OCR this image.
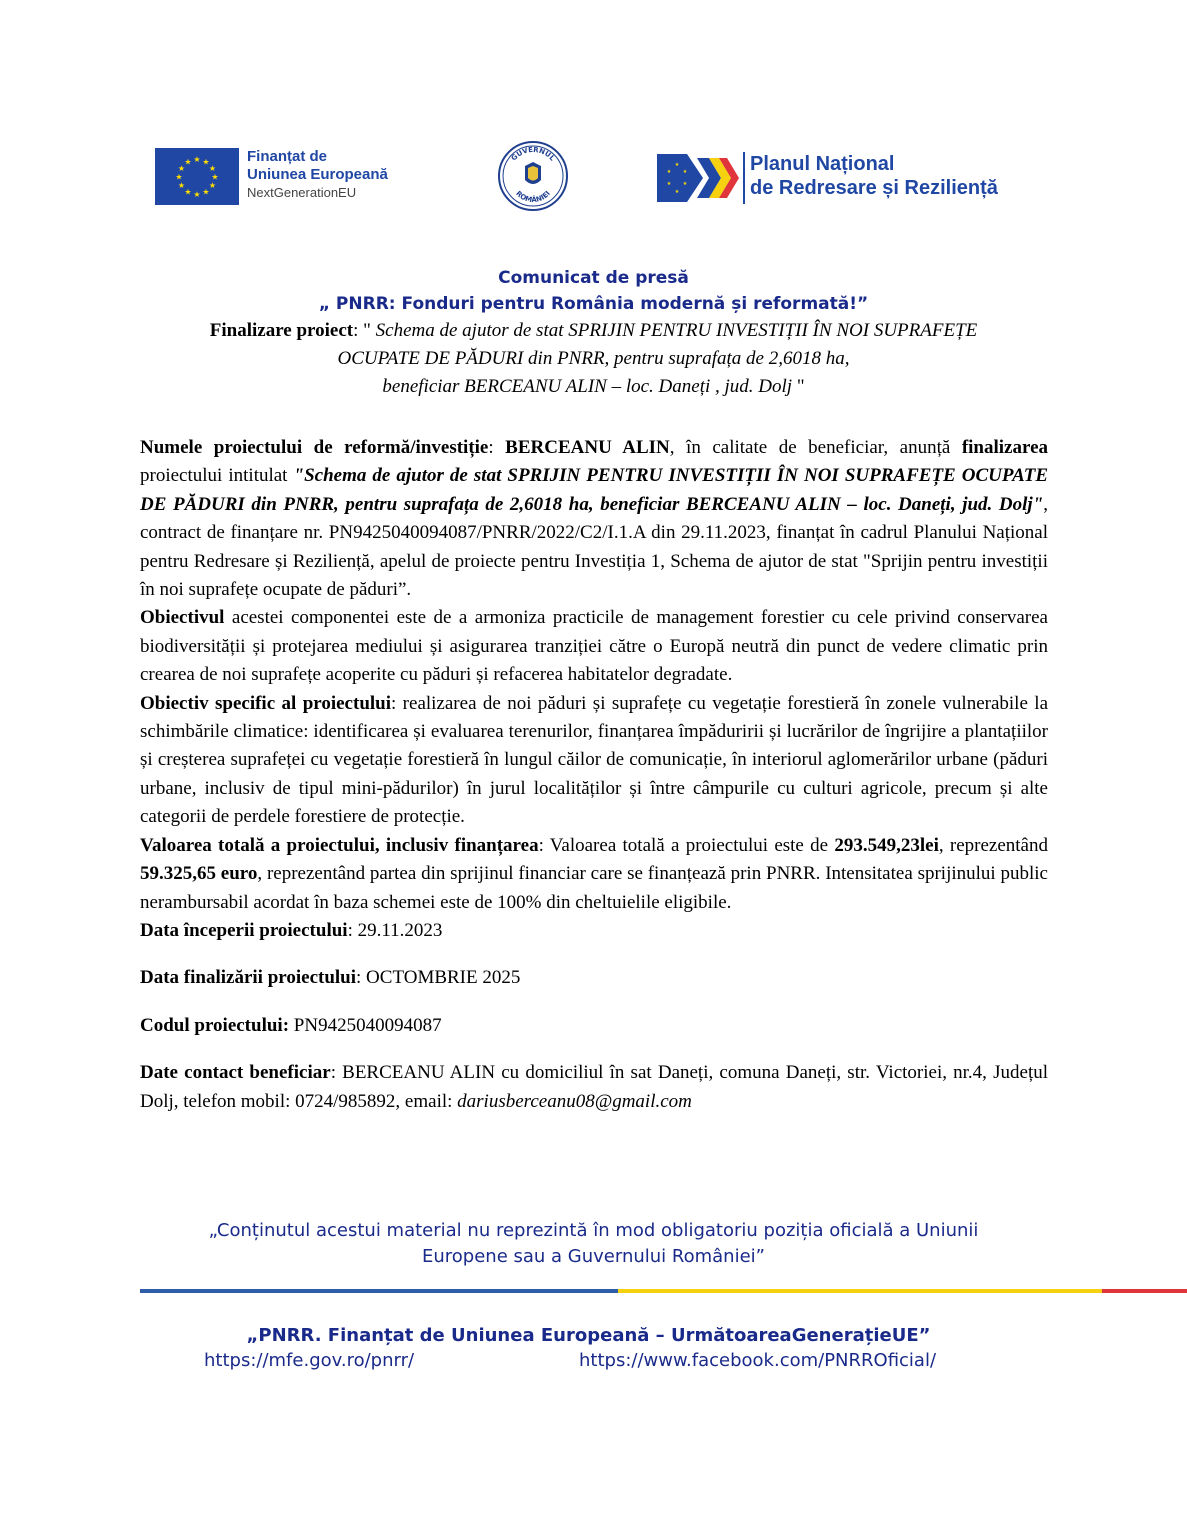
★ ★
★
★
★
★
★
★
★
★
★
★	Finanțat de
Uniunea Europeană
NextGenerationEU
GUVERNUL
ROMÂNIEI
★
★
★
★
★
★	Planul Național
de Redresare și Reziliență
Comunicat de presă
„ PNRR: Fonduri pentru România modernă și reformată!”
Finalizare proiect: " Schema de ajutor de stat SPRIJIN PENTRU INVESTIȚII ÎN NOI SUPRAFEȚE
OCUPATE DE PĂDURI din PNRR, pentru suprafața de 2,6018 ha,
beneficiar BERCEANU ALIN – loc. Daneți , jud. Dolj "

Numele proiectului de reformă/investiție: BERCEANU ALIN, în calitate de beneficiar, anunță finalizarea proiectului intitulat "Schema de ajutor de stat SPRIJIN PENTRU INVESTIȚII ÎN NOI SUPRAFEȚE OCUPATE DE PĂDURI din PNRR, pentru suprafața de 2,6018 ha, beneficiar BERCEANU ALIN – loc. Daneți, jud. Dolj", contract de finanțare nr. PN9425040094087/PNRR/2022/C2/I.1.A din 29.11.2023, finanțat în cadrul Planului Național pentru Redresare și Reziliență, apelul de proiecte pentru Investiția 1, Schema de ajutor de stat "Sprijin pentru investiții în noi suprafețe ocupate de păduri”.

Obiectivul acestei componentei este de a armoniza practicile de management forestier cu cele privind conservarea biodiversității și protejarea mediului și asigurarea tranziției către o Europă neutră din punct de vedere climatic prin crearea de noi suprafețe acoperite cu păduri și refacerea habitatelor degradate.

Obiectiv specific al proiectului: realizarea de noi păduri și suprafețe cu vegetație forestieră în zonele vulnerabile la schimbările climatice: identificarea și evaluarea terenurilor, finanțarea împăduririi și lucrărilor de îngrijire a plantațiilor și creșterea suprafeței cu vegetație forestieră în lungul căilor de comunicație, în interiorul aglomerărilor urbane (păduri urbane, inclusiv de tipul mini-pădurilor) în jurul localităților și între câmpurile cu culturi agricole, precum și alte categorii de perdele forestiere de protecție.

Valoarea totală a proiectului, inclusiv finanțarea: Valoarea totală a proiectului este de 293.549,23lei, reprezentând 59.325,65 euro, reprezentând partea din sprijinul financiar care se finanțează prin PNRR. Intensitatea sprijinului public nerambursabil acordat în baza schemei este de 100% din cheltuielile eligibile.

Data începerii proiectului: 29.11.2023

Data finalizării proiectului: OCTOMBRIE 2025

Codul proiectului: PN9425040094087

Date contact beneficiar: BERCEANU ALIN cu domiciliul în sat Daneți, comuna Daneți, str. Victoriei, nr.4, Județul Dolj, telefon mobil: 0724/985892, email: dariusberceanu08@gmail.com

„Conținutul acestui material nu reprezintă în mod obligatoriu poziția oficială a Uniunii
Europene sau a Guvernului României”
„PNRR. Finanțat de Uniunea Europeană – UrmătoareaGenerațieUE”
https://mfe.gov.ro/pnrr/	https://www.facebook.com/PNRROficial/
